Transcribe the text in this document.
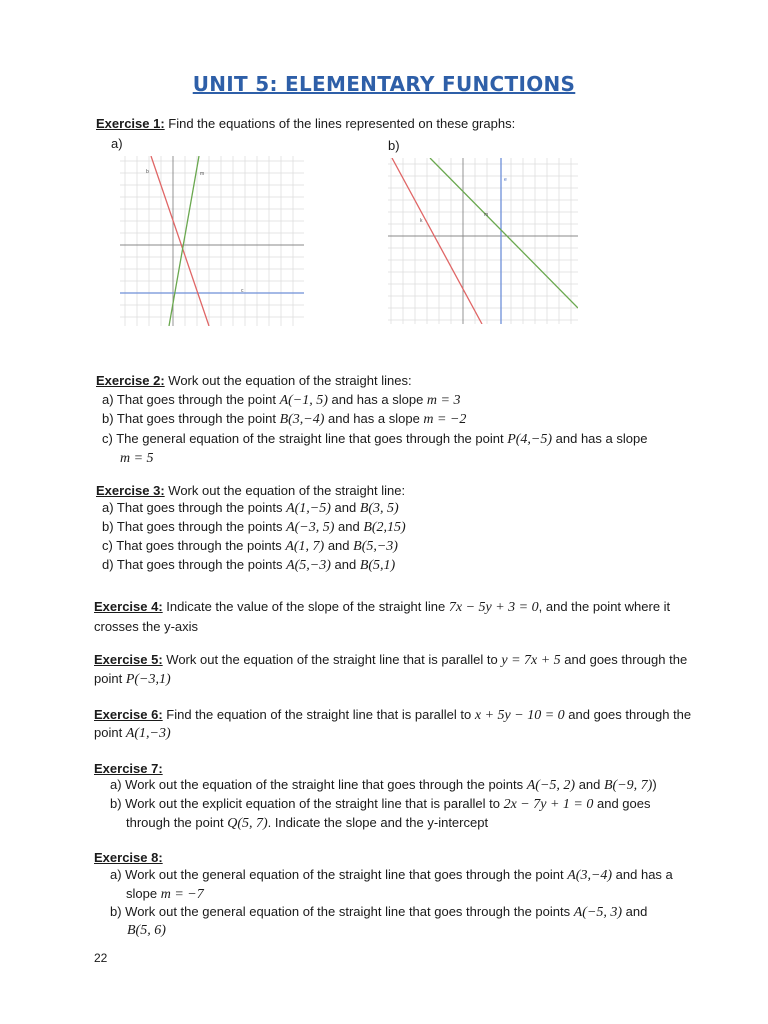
UNIT 5: ELEMENTARY FUNCTIONS
Exercise 1: Find the equations of the lines represented on these graphs:
a)	b)
b	m
c
k
m
e
Exercise 2: Work out the equation of the straight lines:
a) That goes through the point A(−1, 5) and has a slope m = 3
b) That goes through the point B(3,−4) and has a slope m = −2
c) The general equation of the straight line that goes through the point P(4,−5) and has a slope
m = 5
Exercise 3: Work out the equation of the straight line:
a) That goes through the points A(1,−5) and B(3, 5)
b) That goes through the points A(−3, 5) and B(2,15)
c) That goes through the points A(1, 7) and B(5,−3)
d) That goes through the points A(5,−3) and B(5,1)
Exercise 4: Indicate the value of the slope of the straight line 7x − 5y + 3 = 0, and the point where it
crosses the y-axis
Exercise 5: Work out the equation of the straight line that is parallel to y = 7x + 5 and goes through the
point P(−3,1)
Exercise 6: Find the equation of the straight line that is parallel to x + 5y − 10 = 0 and goes through the
point A(1,−3)
Exercise 7:
a) Work out the equation of the straight line that goes through the points A(−5, 2) and B(−9, 7))
b) Work out the explicit equation of the straight line that is parallel to 2x − 7y + 1 = 0 and goes
through the point Q(5, 7). Indicate the slope and the y-intercept
Exercise 8:
a) Work out the general equation of the straight line that goes through the point A(3,−4) and has a
slope m = −7
b) Work out the general equation of the straight line that goes through the points A(−5, 3) and
B(5, 6)
22
